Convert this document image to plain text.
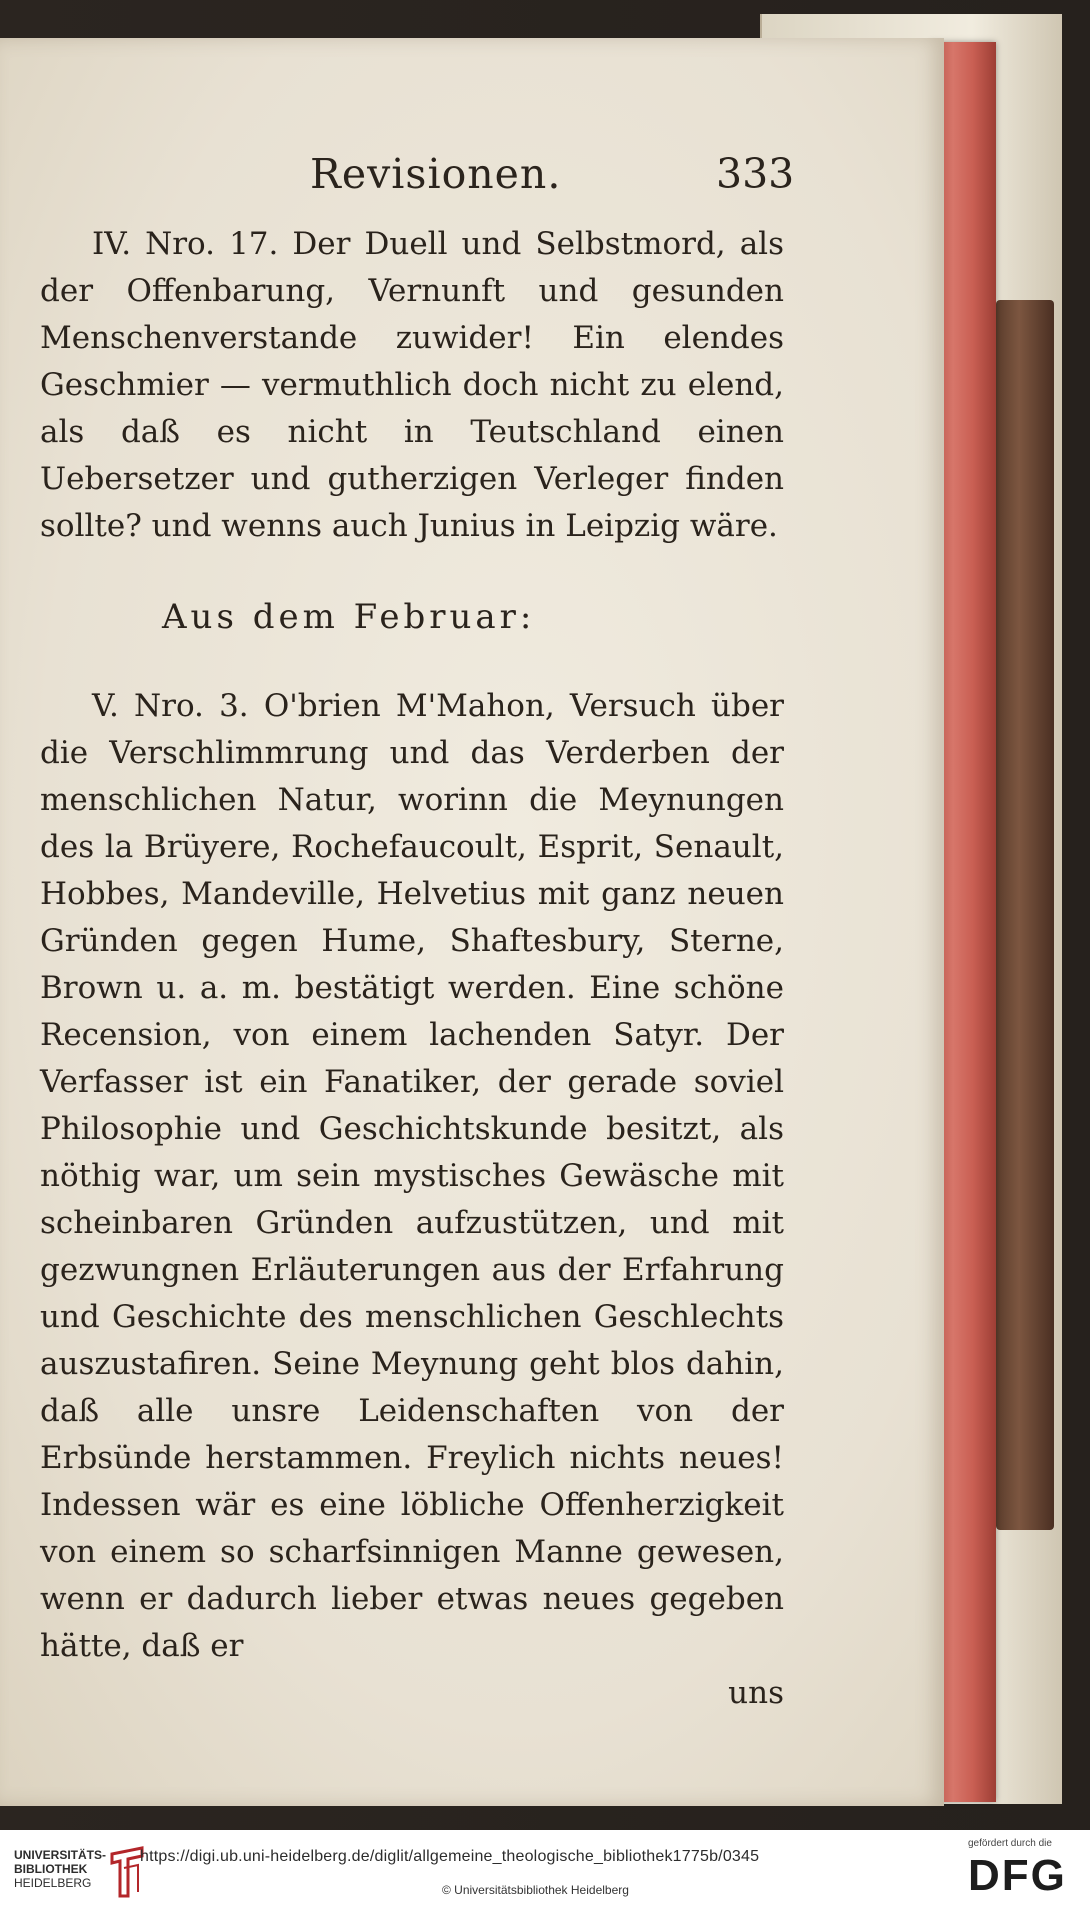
Revisionen.	333

IV. Nro. 17. Der Duell und Selbstmord, als der Offenbarung, Vernunft und gesunden Menschenverstande zuwider! Ein elendes Geschmier — vermuthlich doch nicht zu elend, als daß es nicht in Teutschland einen Uebersetzer und gutherzigen Verleger finden sollte? und wenns auch Junius in Leipzig wäre.

Aus dem Februar:

V. Nro. 3. O'brien M'Mahon, Versuch über die Verschlimmrung und das Verderben der menschlichen Natur, worinn die Meynungen des la Brüyere, Rochefaucoult, Esprit, Senault, Hobbes, Mandeville, Helvetius mit ganz neuen Gründen gegen Hume, Shaftesbury, Sterne, Brown u. a. m. bestätigt werden. Eine schöne Recension, von einem lachenden Satyr. Der Verfasser ist ein Fanatiker, der gerade soviel Philosophie und Geschichtskunde besitzt, als nöthig war, um sein mystisches Gewäsche mit scheinbaren Gründen aufzustützen, und mit gezwungnen Erläuterungen aus der Erfahrung und Geschichte des menschlichen Geschlechts auszustafiren. Seine Meynung geht blos dahin, daß alle unsre Leidenschaften von der Erbsünde herstammen. Freylich nichts neues! Indessen wär es eine löbliche Offenherzigkeit von einem so scharfsinnigen Manne gewesen, wenn er dadurch lieber etwas neues gegeben hätte, daß er

uns
UNIVERSITÄTS-
BIBLIOTHEK
HEIDELBERG
https://digi.ub.uni-heidelberg.de/diglit/allgemeine_theologische_bibliothek1775b/0345
© Universitätsbibliothek Heidelberg
gefördert durch die
DFG
